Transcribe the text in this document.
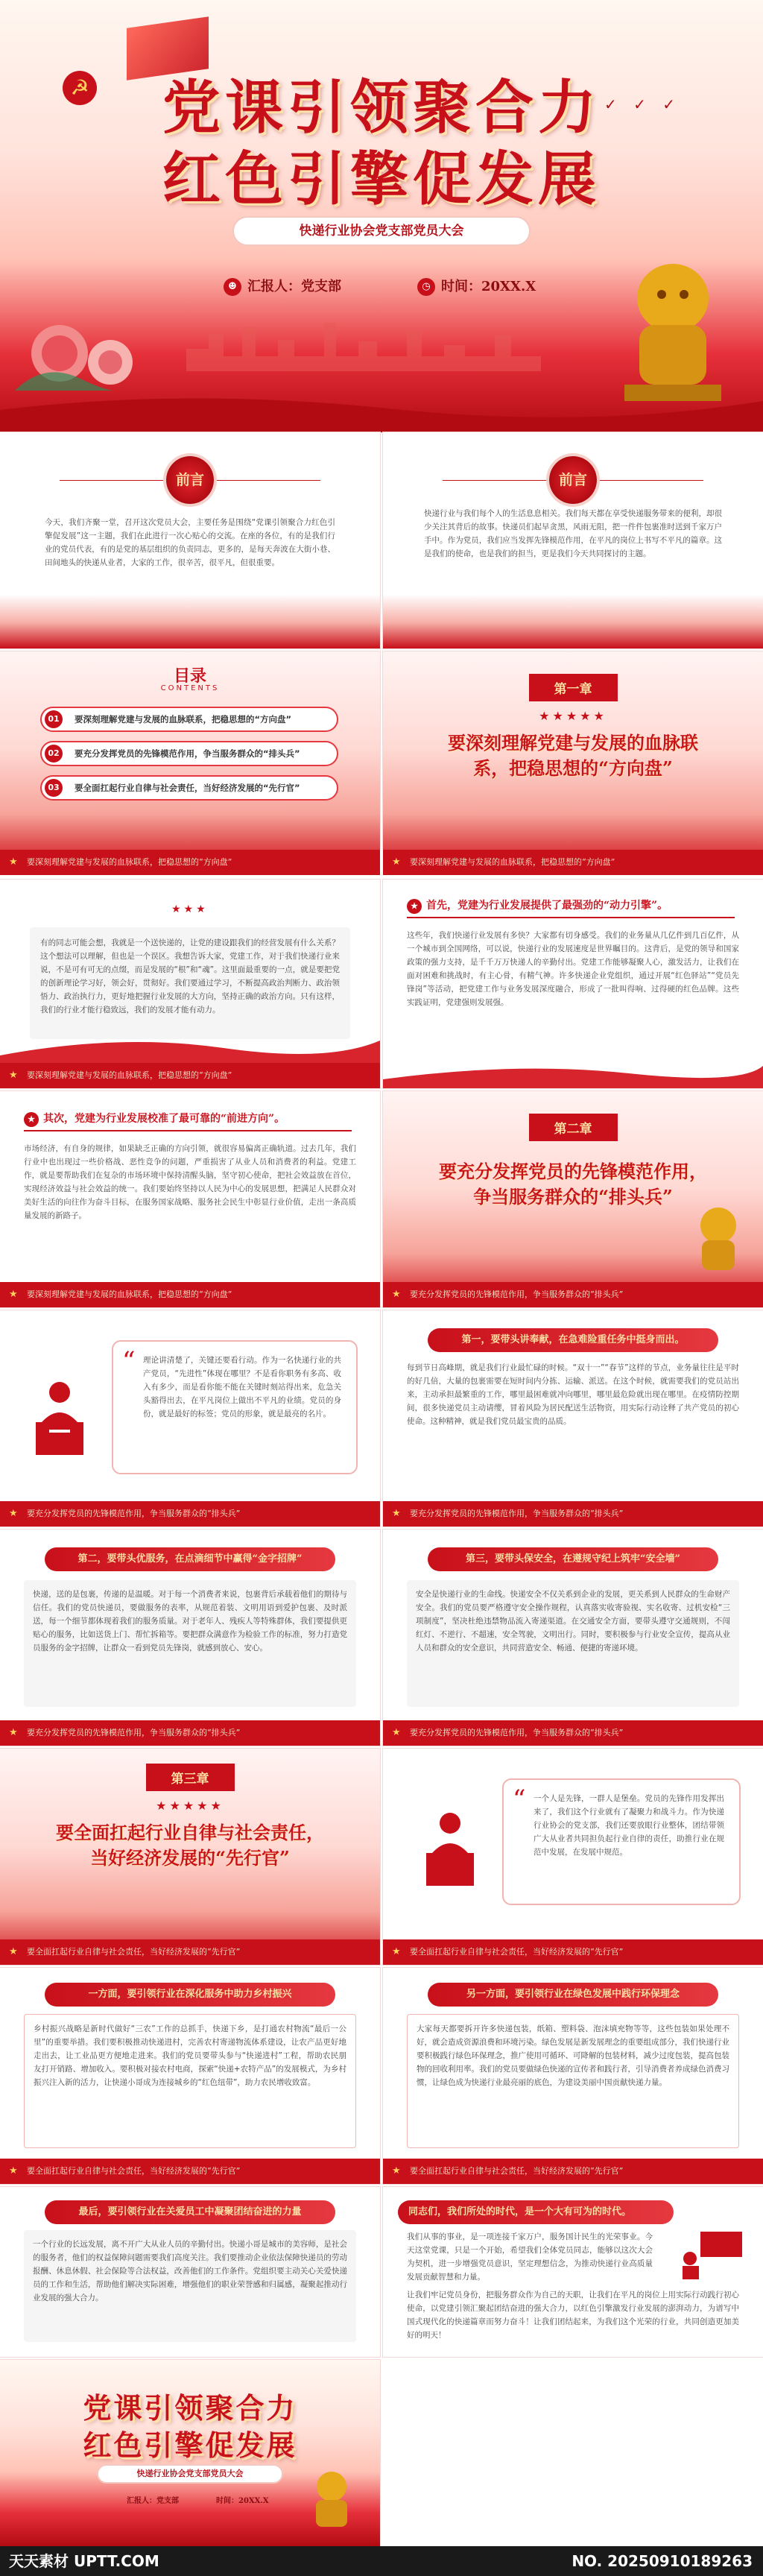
☭
✓ ✓ ✓
党课引领聚合力
红色引擎促发展
快递行业协会党支部党员大会
☻ 汇报人：党支部	◷ 时间：20XX.X
前言
今天，我们齐聚一堂，召开这次党员大会，主要任务是围绕“党课引领聚合力红色引擎促发展”这一主题，我们在此进行一次心贴心的交流。在座的各位，有的是我们行业的党员代表，有的是党的基层组织的负责同志，更多的，是每天奔波在大街小巷、田间地头的快递从业者，大家的工作，很辛苦，很平凡，但很重要。
前言
快递行业与我们每个人的生活息息相关。我们每天都在享受快递服务带来的便利，却很少关注其背后的故事。快递员们起早贪黑，风雨无阻，把一件件包裹准时送到千家万户手中。作为党员，我们应当发挥先锋模范作用，在平凡的岗位上书写不平凡的篇章。这是我们的使命，也是我们的担当，更是我们今天共同探讨的主题。
目录
CONTENTS
01	要深刻理解党建与发展的血脉联系，把稳思想的“方向盘”
02	要充分发挥党员的先锋模范作用，争当服务群众的“排头兵”
03	要全面扛起行业自律与社会责任，当好经济发展的“先行官”
第一章
★★★★★
要深刻理解党建与发展的血脉联
系，把稳思想的“方向盘”
★ 要深刻理解党建与发展的血脉联系，把稳思想的“方向盘”	★ 要深刻理解党建与发展的血脉联系，把稳思想的“方向盘”
★★★
有的同志可能会想，我就是一个送快递的，让党的建设跟我们的经营发展有什么关系？这个想法可以理解，但也是一个误区。我想告诉大家，党建工作，对于我们快递行业来说，不是可有可无的点缀，而是发展的“根”和“魂”。这里面最重要的一点，就是要把党的创新理论学习好，领会好，贯彻好。我们要通过学习，不断提高政治判断力、政治领悟力、政治执行力，更好地把握行业发展的大方向，坚持正确的政治方向。只有这样，我们的行业才能行稳致远，我们的发展才能有动力。
★ 要深刻理解党建与发展的血脉联系，把稳思想的“方向盘”
★ 首先，党建为行业发展提供了最强劲的“动力引擎”。
这些年，我们快递行业发展有多快？大家都有切身感受。我们的业务量从几亿件到几百亿件，从一个城市到全国网络，可以说，快递行业的发展速度是世界瞩目的。这背后，是党的领导和国家政策的强力支持，是千千万万快递人的辛勤付出。党建工作能够凝聚人心，激发活力，让我们在面对困难和挑战时，有主心骨，有精气神。许多快递企业党组织，通过开展“红色驿站”“党员先锋岗”等活动，把党建工作与业务发展深度融合，形成了一批叫得响、过得硬的红色品牌。这些实践证明，党建强则发展强。
★ 其次，党建为行业发展校准了最可靠的“前进方向”。
市场经济，有自身的规律，如果缺乏正确的方向引领，就很容易偏离正确轨道。过去几年，我们行业中也出现过一些价格战、恶性竞争的问题，严重损害了从业人员和消费者的利益。党建工作，就是要帮助我们在复杂的市场环境中保持清醒头脑，坚守初心使命，把社会效益放在首位，实现经济效益与社会效益的统一。我们要始终坚持以人民为中心的发展思想，把满足人民群众对美好生活的向往作为奋斗目标，在服务国家战略、服务社会民生中彰显行业价值，走出一条高质量发展的新路子。
★ 要深刻理解党建与发展的血脉联系，把稳思想的“方向盘”
第二章
要充分发挥党员的先锋模范作用，
争当服务群众的“排头兵”
★ 要充分发挥党员的先锋模范作用，争当服务群众的“排头兵”
“ 理论讲清楚了，关键还要看行动。作为一名快递行业的共产党员，“先进性”体现在哪里？不是看你职务有多高、收入有多少，而是看你能不能在关键时刻站得出来，危急关头豁得出去，在平凡岗位上做出不平凡的业绩。党员的身份，就是最好的标签；党员的形象，就是最亮的名片。
★ 要充分发挥党员的先锋模范作用，争当服务群众的“排头兵”
第一，要带头讲奉献，在急难险重任务中挺身而出。
每到节日高峰期，就是我们行业最忙碌的时候。“双十一”“春节”这样的节点，业务量往往是平时的好几倍，大量的包裹需要在短时间内分拣、运输、派送。在这个时候，就需要我们的党员站出来，主动承担最繁重的工作，哪里最困难就冲向哪里，哪里最危险就出现在哪里。在疫情防控期间，很多快递党员主动请缨，冒着风险为居民配送生活物资，用实际行动诠释了共产党员的初心使命。这种精神，就是我们党员最宝贵的品质。
★ 要充分发挥党员的先锋模范作用，争当服务群众的“排头兵”
第二，要带头优服务，在点滴细节中赢得“金字招牌”
快递，送的是包裹，传递的是温暖。对于每一个消费者来说，包裹背后承载着他们的期待与信任。我们的党员快递员，要做服务的表率，从规范着装、文明用语到爱护包裹、及时派送，每一个细节都体现着我们的服务质量。对于老年人、残疾人等特殊群体，我们要提供更贴心的服务，比如送货上门、帮忙拆箱等。要把群众满意作为检验工作的标准，努力打造党员服务的金字招牌，让群众一看到党员先锋岗，就感到放心、安心。
★ 要充分发挥党员的先锋模范作用，争当服务群众的“排头兵”
第三，要带头保安全，在遵规守纪上筑牢“安全墙”
安全是快递行业的生命线。快递安全不仅关系到企业的发展，更关系到人民群众的生命财产安全。我们的党员要严格遵守安全操作规程，认真落实收寄验视、实名收寄、过机安检“三项制度”，坚决杜绝违禁物品流入寄递渠道。在交通安全方面，要带头遵守交通规则，不闯红灯、不逆行、不超速，安全驾驶，文明出行。同时，要积极参与行业安全宣传，提高从业人员和群众的安全意识，共同营造安全、畅通、便捷的寄递环境。
★ 要充分发挥党员的先锋模范作用，争当服务群众的“排头兵”
第三章
★★★★★
要全面扛起行业自律与社会责任，
当好经济发展的“先行官”
★ 要全面扛起行业自律与社会责任，当好经济发展的“先行官”
“ 一个人是先锋，一群人是堡垒。党员的先锋作用发挥出来了，我们这个行业就有了凝聚力和战斗力。作为快递行业协会的党支部，我们还要放眼行业整体，团结带领广大从业者共同担负起行业自律的责任，助推行业在规范中发展，在发展中规范。
★ 要全面扛起行业自律与社会责任，当好经济发展的“先行官”
一方面，要引领行业在深化服务中助力乡村振兴
乡村振兴战略是新时代做好“三农”工作的总抓手，快递下乡，是打通农村物流“最后一公里”的重要举措。我们要积极推动快递进村，完善农村寄递物流体系建设，让农产品更好地走出去，让工业品更方便地走进来。我们的党员要带头参与“快递进村”工程，帮助农民朋友打开销路、增加收入。要积极对接农村电商，探索“快递+农特产品”的发展模式，为乡村振兴注入新的活力，让快递小哥成为连接城乡的“红色纽带”，助力农民增收致富。
★ 要全面扛起行业自律与社会责任，当好经济发展的“先行官”
另一方面，要引领行业在绿色发展中践行环保理念
大家每天都要拆开许多快递包装，纸箱、塑料袋、泡沫填充物等等，这些包装如果处理不好，就会造成资源浪费和环境污染。绿色发展是新发展理念的重要组成部分，我们快递行业要积极践行绿色环保理念，推广使用可循环、可降解的包装材料，减少过度包装，提高包装物的回收利用率。我们的党员要做绿色快递的宣传者和践行者，引导消费者养成绿色消费习惯，让绿色成为快递行业最亮丽的底色，为建设美丽中国贡献快递力量。
★ 要全面扛起行业自律与社会责任，当好经济发展的“先行官”
最后，要引领行业在关爱员工中凝聚团结奋进的力量
一个行业的长远发展，离不开广大从业人员的辛勤付出。快递小哥是城市的美容师，是社会的服务者，他们的权益保障问题需要我们高度关注。我们要推动企业依法保障快递员的劳动报酬、休息休假、社会保险等合法权益，改善他们的工作条件。党组织要主动关心关爱快递员的工作和生活，帮助他们解决实际困难，增强他们的职业荣誉感和归属感，凝聚起推动行业发展的强大合力。
同志们，我们所处的时代，是一个大有可为的时代。
我们从事的事业，是一项连接千家万户，服务国计民生的光荣事业。今天这堂党课，只是一个开始，希望我们全体党员同志，能够以这次大会为契机，进一步增强党员意识，坚定理想信念，为推动快递行业高质量发展贡献智慧和力量。
让我们牢记党员身份，把服务群众作为自己的天职，让我们在平凡的岗位上用实际行动践行初心使命，以党建引领汇聚起团结奋进的强大合力，以红色引擎激发行业发展的澎湃动力，为谱写中国式现代化的快递篇章而努力奋斗！让我们团结起来，为我们这个光荣的行业，共同创造更加美好的明天！
党课引领聚合力
红色引擎促发展
快递行业协会党支部党员大会
汇报人：党支部	时间：20XX.X
天天素材 UPTT.COM	NO. 20250910189263
